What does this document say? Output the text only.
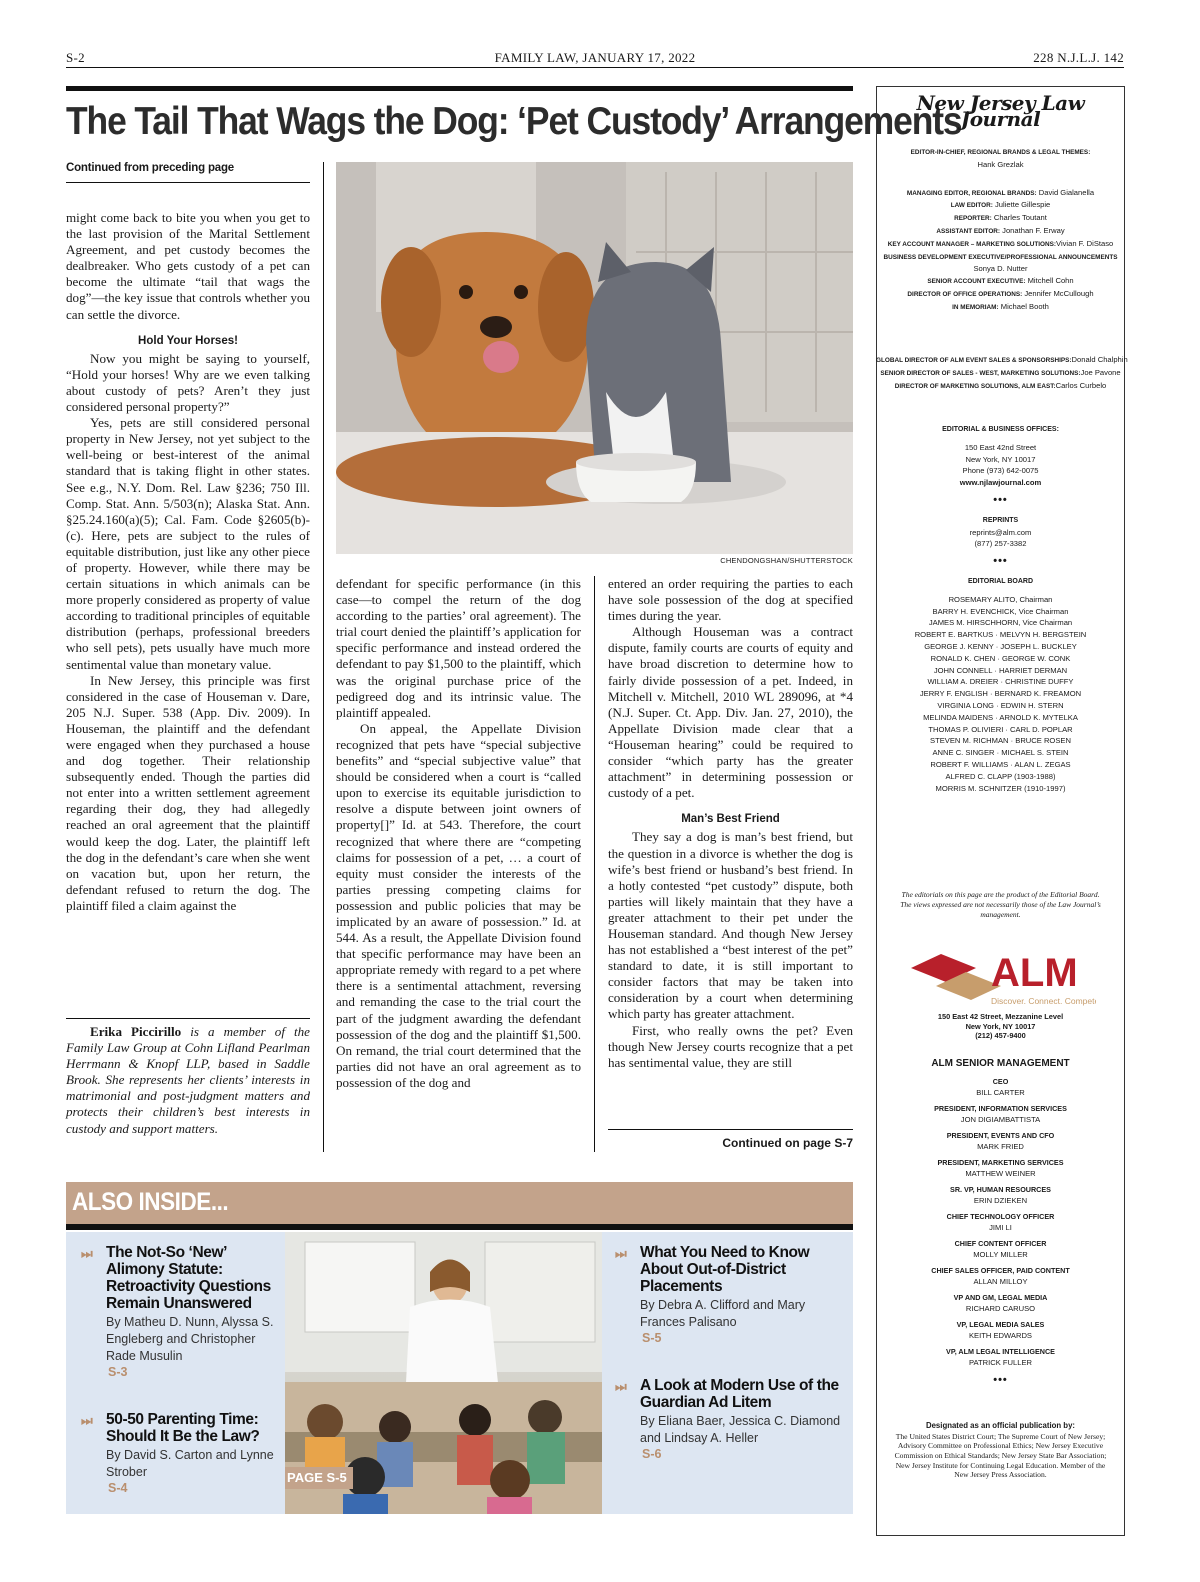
S-2	FAMILY LAW, JANUARY 17, 2022	228 N.J.L.J. 142
The Tail That Wags the Dog: ‘Pet Custody’ Arrangements
Continued from preceding page

might come back to bite you when you get to the last provision of the Marital Settlement Agreement, and pet custody becomes the dealbreaker. Who gets custody of a pet can become the ultimate “tail that wags the dog”—the key issue that controls whether you can settle the divorce.

Hold Your Horses!

Now you might be saying to yourself, “Hold your horses! Why are we even talking about custody of pets? Aren’t they just considered personal property?”

Yes, pets are still considered personal property in New Jersey, not yet subject to the well-being or best-interest of the animal standard that is taking flight in other states. See e.g., N.Y. Dom. Rel. Law §236; 750 Ill. Comp. Stat. Ann. 5/503(n); Alaska Stat. Ann. §25.24.160(a)(5); Cal. Fam. Code §2605(b)-(c). Here, pets are subject to the rules of equitable distribution, just like any other piece of property. However, while there may be certain situations in which animals can be more properly considered as property of value according to traditional principles of equitable distribution (perhaps, professional breeders who sell pets), pets usually have much more sentimental value than monetary value.

In New Jersey, this principle was first considered in the case of Houseman v. Dare, 205 N.J. Super. 538 (App. Div. 2009). In Houseman, the plaintiff and the defendant were engaged when they purchased a house and dog together. Their relationship subsequently ended. Though the parties did not enter into a written settlement agreement regarding their dog, they had allegedly reached an oral agreement that the plaintiff would keep the dog. Later, the plaintiff left the dog in the defendant’s care when she went on vacation but, upon her return, the defendant refused to return the dog. The plaintiff filed a claim against the

Erika Piccirillo is a member of the Family Law Group at Cohn Lifland Pearlman Herrmann & Knopf LLP, based in Saddle Brook. She represents her clients’ interests in matrimonial and post-judgment matters and protects their children’s best interests in custody and support matters.

CHENDONGSHAN/SHUTTERSTOCK

defendant for specific performance (in this case—to compel the return of the dog according to the parties’ oral agreement). The trial court denied the plaintiff’s application for specific performance and instead ordered the defendant to pay $1,500 to the plaintiff, which was the original purchase price of the pedigreed dog and its intrinsic value. The plaintiff appealed.

On appeal, the Appellate Division recognized that pets have “special subjective benefits” and “special subjective value” that should be considered when a court is “called upon to exercise its equitable jurisdiction to resolve a dispute between joint owners of property[]” Id. at 543. Therefore, the court recognized that where there are “competing claims for possession of a pet, … a court of equity must consider the interests of the parties pressing competing claims for possession and public policies that may be implicated by an aware of possession.” Id. at 544. As a result, the Appellate Division found that specific performance may have been an appropriate remedy with regard to a pet where there is a sentimental attachment, reversing and remanding the case to the trial court the part of the judgment awarding the defendant possession of the dog and the plaintiff $1,500. On remand, the trial court determined that the parties did not have an oral agreement as to possession of the dog and

entered an order requiring the parties to each have sole possession of the dog at specified times during the year.

Although Houseman was a contract dispute, family courts are courts of equity and have broad discretion to determine how to fairly divide possession of a pet. Indeed, in Mitchell v. Mitchell, 2010 WL 289096, at *4 (N.J. Super. Ct. App. Div. Jan. 27, 2010), the Appellate Division made clear that a “Houseman hearing” could be required to consider “which party has the greater attachment” in determining possession or custody of a pet.

Man’s Best Friend

They say a dog is man’s best friend, but the question in a divorce is whether the dog is wife’s best friend or husband’s best friend. In a hotly contested “pet custody” dispute, both parties will likely maintain that they have a greater attachment to their pet under the Houseman standard. And though New Jersey has not established a “best interest of the pet” standard to date, it is still important to consider factors that may be taken into consideration by a court when determining which party has greater attachment.

First, who really owns the pet? Even though New Jersey courts recognize that a pet has sentimental value, they are still

Continued on page S-7
ALSO INSIDE...
⏭ The Not-So ‘New’ Alimony Statute: Retroactivity Questions Remain Unanswered
By Matheu D. Nunn, Alyssa S. Engleberg and Christopher Rade Musulin
S-3
⏭ 50-50 Parenting Time: Should It Be the Law?
By David S. Carton and Lynne Strober
S-4
PAGE S-5
⏭ What You Need to Know About Out-of-District Placements
By Debra A. Clifford and Mary Frances Palisano
S-5
⏭ A Look at Modern Use of the Guardian Ad Litem
By Eliana Baer, Jessica C. Diamond and Lindsay A. Heller
S-6
New Jersey Law Journal
EDITOR-IN-CHIEF, REGIONAL BRANDS & LEGAL THEMES:
Hank Grezlak
MANAGING EDITOR, REGIONAL BRANDS: David Gialanella
LAW EDITOR: Juliette Gillespie
REPORTER: Charles Toutant
ASSISTANT EDITOR: Jonathan F. Erway
KEY ACCOUNT MANAGER – MARKETING SOLUTIONS:Vivian F. DiStaso
BUSINESS DEVELOPMENT EXECUTIVE/PROFESSIONAL ANNOUNCEMENTS
Sonya D. Nutter
SENIOR ACCOUNT EXECUTIVE: Mitchell Cohn
DIRECTOR OF OFFICE OPERATIONS: Jennifer McCullough
IN MEMORIAM: Michael Booth
GLOBAL DIRECTOR OF ALM EVENT SALES & SPONSORSHIPS:Donald Chalphin
SENIOR DIRECTOR OF SALES - WEST, MARKETING SOLUTIONS:Joe Pavone
DIRECTOR OF MARKETING SOLUTIONS, ALM EAST:Carlos Curbelo
EDITORIAL & BUSINESS OFFICES:
150 East 42nd Street
New York, NY 10017
Phone (973) 642-0075
www.njlawjournal.com
•••
REPRINTS
reprints@alm.com
(877) 257-3382
•••
EDITORIAL BOARD
ROSEMARY ALITO, Chairman
BARRY H. EVENCHICK, Vice Chairman
JAMES M. HIRSCHHORN, Vice Chairman
ROBERT E. BARTKUS · MELVYN H. BERGSTEIN
GEORGE J. KENNY · JOSEPH L. BUCKLEY
RONALD K. CHEN · GEORGE W. CONK
JOHN CONNELL · HARRIET DERMAN
WILLIAM A. DREIER · CHRISTINE DUFFY
JERRY F. ENGLISH · BERNARD K. FREAMON
VIRGINIA LONG · EDWIN H. STERN
MELINDA MAIDENS · ARNOLD K. MYTELKA
THOMAS P. OLIVIERI · CARL D. POPLAR
STEVEN M. RICHMAN · BRUCE ROSEN
ANNE C. SINGER · MICHAEL S. STEIN
ROBERT F. WILLIAMS · ALAN L. ZEGAS
ALFRED C. CLAPP (1903-1988)
MORRIS M. SCHNITZER (1910-1997)
The editorials on this page are the product of the Editorial Board. The views expressed are not necessarily those of the Law Journal’s management.
ALM
Discover. Connect. Compete.
150 East 42 Street, Mezzanine Level
New York, NY 10017
(212) 457-9400
ALM SENIOR MANAGEMENT
CEO
BILL CARTER
PRESIDENT, INFORMATION SERVICES
JON DIGIAMBATTISTA
PRESIDENT, EVENTS AND CFO
MARK FRIED
PRESIDENT, MARKETING SERVICES
MATTHEW WEINER
SR. VP, HUMAN RESOURCES
ERIN DZIEKEN
CHIEF TECHNOLOGY OFFICER
JIMI LI
CHIEF CONTENT OFFICER
MOLLY MILLER
CHIEF SALES OFFICER, PAID CONTENT
ALLAN MILLOY
VP AND GM, LEGAL MEDIA
RICHARD CARUSO
VP, LEGAL MEDIA SALES
KEITH EDWARDS
VP, ALM LEGAL INTELLIGENCE
PATRICK FULLER
•••
Designated as an official publication by:
The United States District Court; The Supreme Court of New Jersey; Advisory Committee on Professional Ethics; New Jersey Executive Commission on Ethical Standards; New Jersey State Bar Association; New Jersey Institute for Continuing Legal Education. Member of the New Jersey Press Association.
